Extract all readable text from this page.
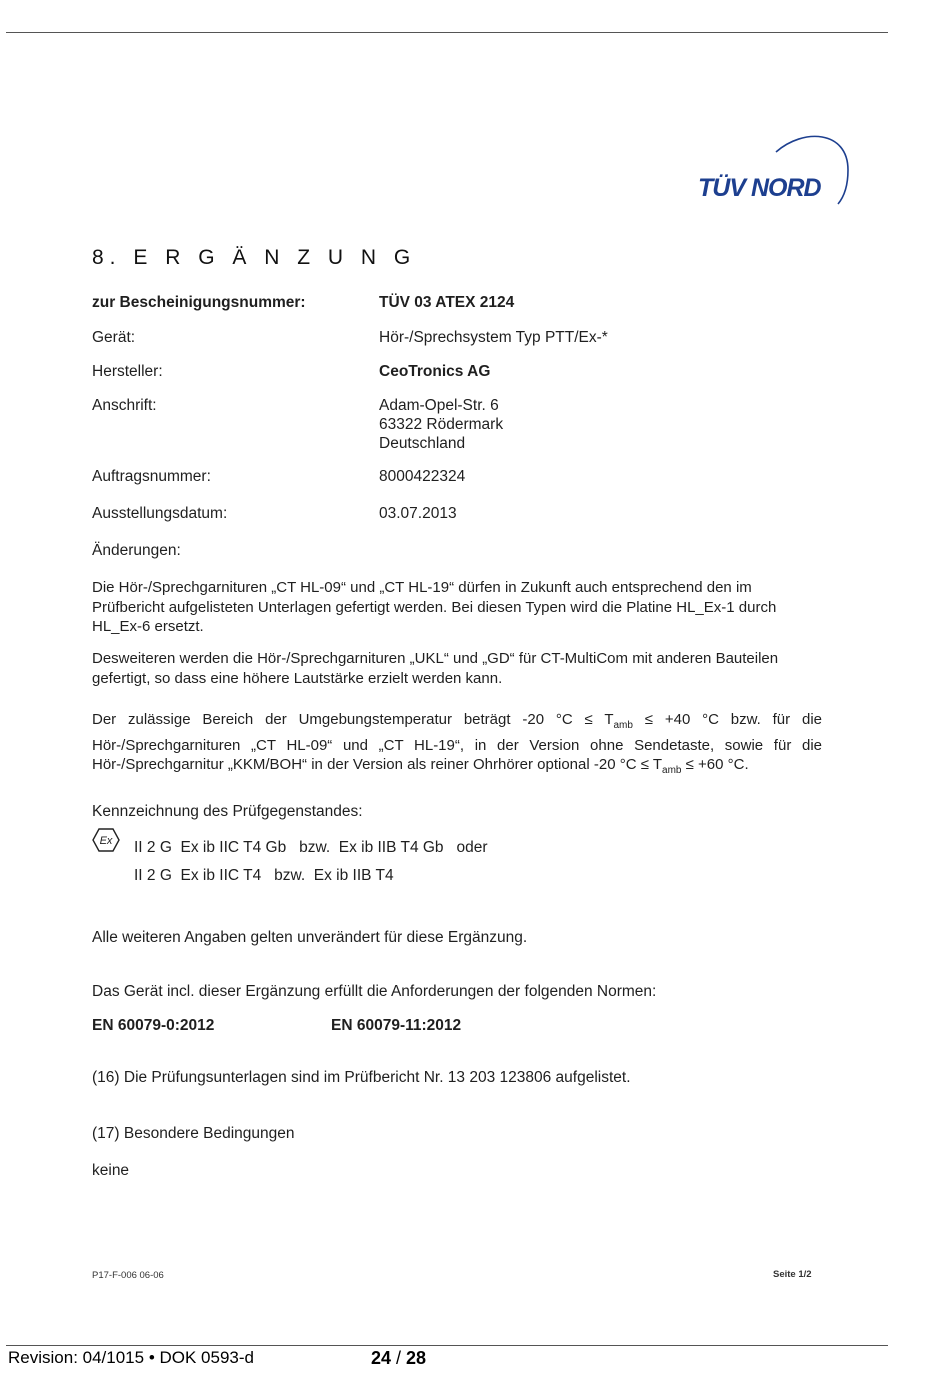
TÜV NORD
8. E R G Ä N Z U N G
zur Bescheinigungsnummer:	TÜV 03 ATEX 2124
Gerät:	Hör-/Sprechsystem Typ PTT/Ex-*
Hersteller:	CeoTronics AG
Anschrift:	Adam-Opel-Str. 6
63322 Rödermark
Deutschland
Auftragsnummer:	8000422324
Ausstellungsdatum:	03.07.2013
Änderungen:
Die Hör-/Sprechgarnituren „CT HL-09“ und „CT HL-19“ dürfen in Zukunft auch entsprechend den im Prüfbericht aufgelisteten Unterlagen gefertigt werden. Bei diesen Typen wird die Platine HL_Ex-1 durch HL_Ex-6 ersetzt.
Desweiteren werden die Hör-/Sprechgarnituren „UKL“ und „GD“ für CT-MultiCom mit anderen Bauteilen gefertigt, so dass eine höhere Lautstärke erzielt werden kann.
Der zulässige Bereich der Umgebungstemperatur beträgt -20 $^\circ C \le T_{amb} \le +40$ °C bzw. für die Hör-/Sprechgarnituren „CT HL-09“ und „CT HL-19“, in der Version ohne Sendetaste, sowie für die Hör-/Sprechgarnitur „KKM/BOH“ in der Version als reiner Ohrhörer optional -20 $^\circ C \le T_{amb} \le +60$ °C.
Kennzeichnung des Prüfgegenstandes:
Ex II 2 G  Ex ib IIC T4 Gb   bzw.  Ex ib IIB T4 Gb   oder
II 2 G  Ex ib IIC T4   bzw.  Ex ib IIB T4
Alle weiteren Angaben gelten unverändert für diese Ergänzung.
Das Gerät incl. dieser Ergänzung erfüllt die Anforderungen der folgenden Normen:
EN 60079-0:2012	EN 60079-11:2012
(16) Die Prüfungsunterlagen sind im Prüfbericht Nr. 13 203 123806 aufgelistet.
(17) Besondere Bedingungen
keine
P17-F-006 06-06	Seite 1/2
Revision: 04/1015 • DOK 0593-d	24 / 28
